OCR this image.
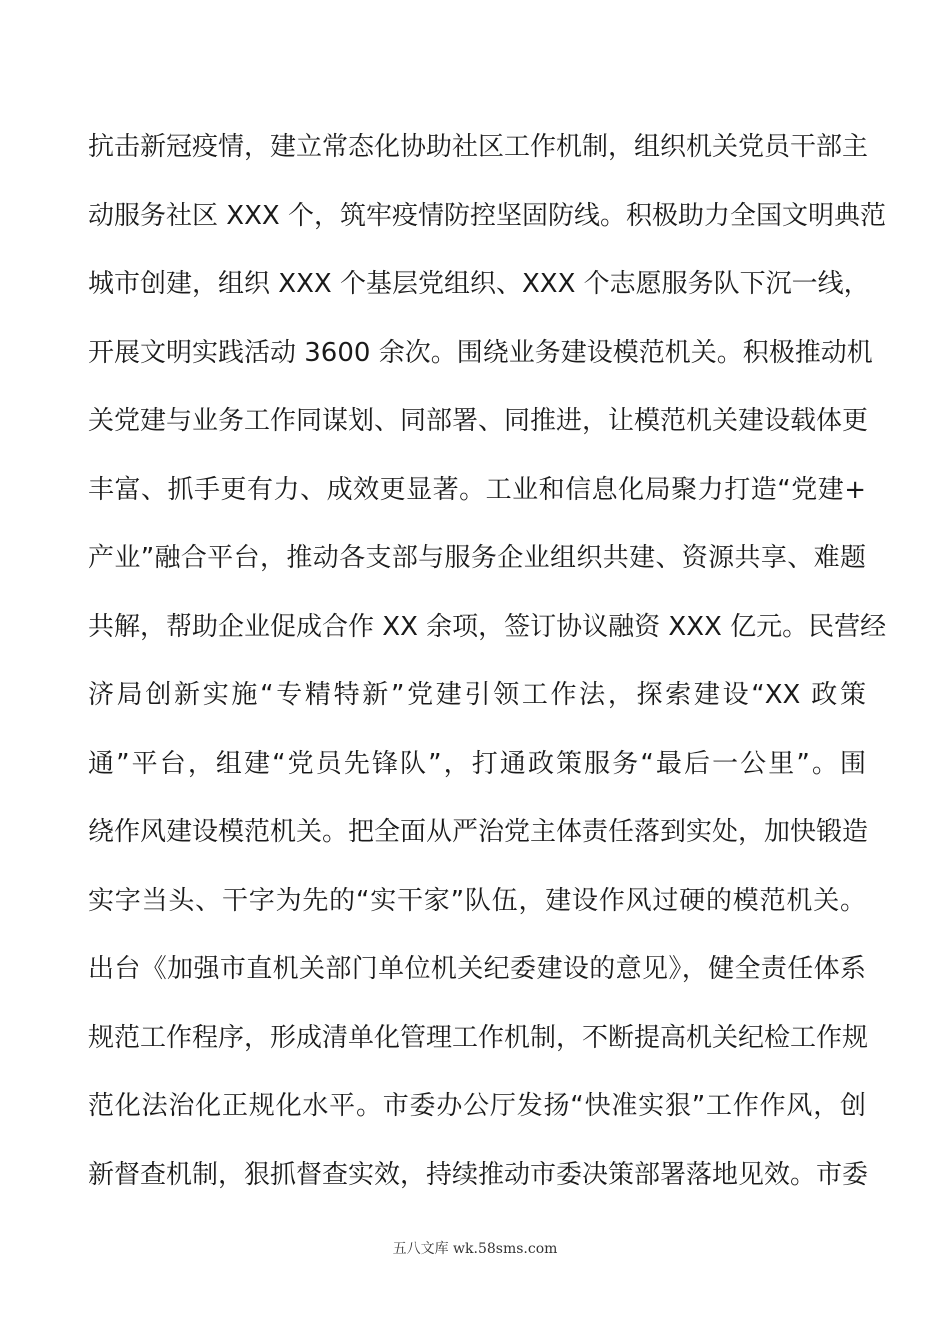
抗击新冠疫情，建立常态化协助社区工作机制，组织机关党员干部主
动服务社区 XXX 个，筑牢疫情防控坚固防线。积极助力全国文明典范
城市创建，组织 XXX 个基层党组织、XXX 个志愿服务队下沉一线，
开展文明实践活动 3600 余次。围绕业务建设模范机关。积极推动机
关党建与业务工作同谋划、同部署、同推进，让模范机关建设载体更
丰富、抓手更有力、成效更显著。工业和信息化局聚力打造“党建+
产业”融合平台，推动各支部与服务企业组织共建、资源共享、难题
共解，帮助企业促成合作 XX 余项，签订协议融资 XXX 亿元。民营经
济局创新实施“专精特新”党建引领工作法，探索建设“XX 政策
通”平台，组建“党员先锋队”，打通政策服务“最后一公里”。围
绕作风建设模范机关。把全面从严治党主体责任落到实处，加快锻造
实字当头、干字为先的“实干家”队伍，建设作风过硬的模范机关。
出台《加强市直机关部门单位机关纪委建设的意见》，健全责任体系
规范工作程序，形成清单化管理工作机制，不断提高机关纪检工作规
范化法治化正规化水平。市委办公厅发扬“快准实狠”工作作风，创
新督查机制，狠抓督查实效，持续推动市委决策部署落地见效。市委
五八文库 wk.58sms.com
